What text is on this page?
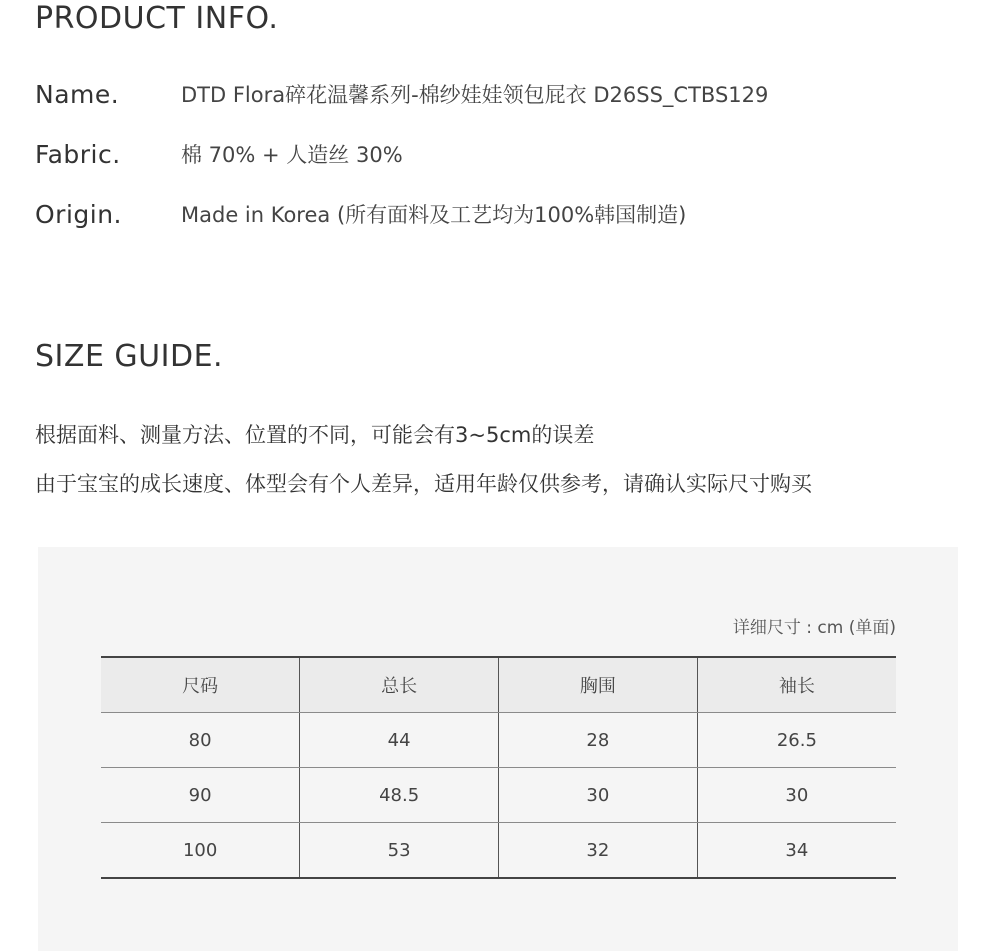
PRODUCT INFO.
Name.	DTD Flora碎花温馨系列-棉纱娃娃领包屁衣 D26SS_CTBS129
Fabric.	棉 70% + 人造丝 30%
Origin.	Made in Korea (所有面料及工艺均为100%韩国制造)
SIZE GUIDE.

根据面料、测量方法、位置的不同，可能会有3~5cm的误差

由于宝宝的成长速度、体型会有个人差异，适用年龄仅供参考，请确认实际尺寸购买

详细尺寸 : cm (单面)
尺码	总长	胸围	袖长
80	44	28	26.5
90	48.5	30	30
100	53	32	34
